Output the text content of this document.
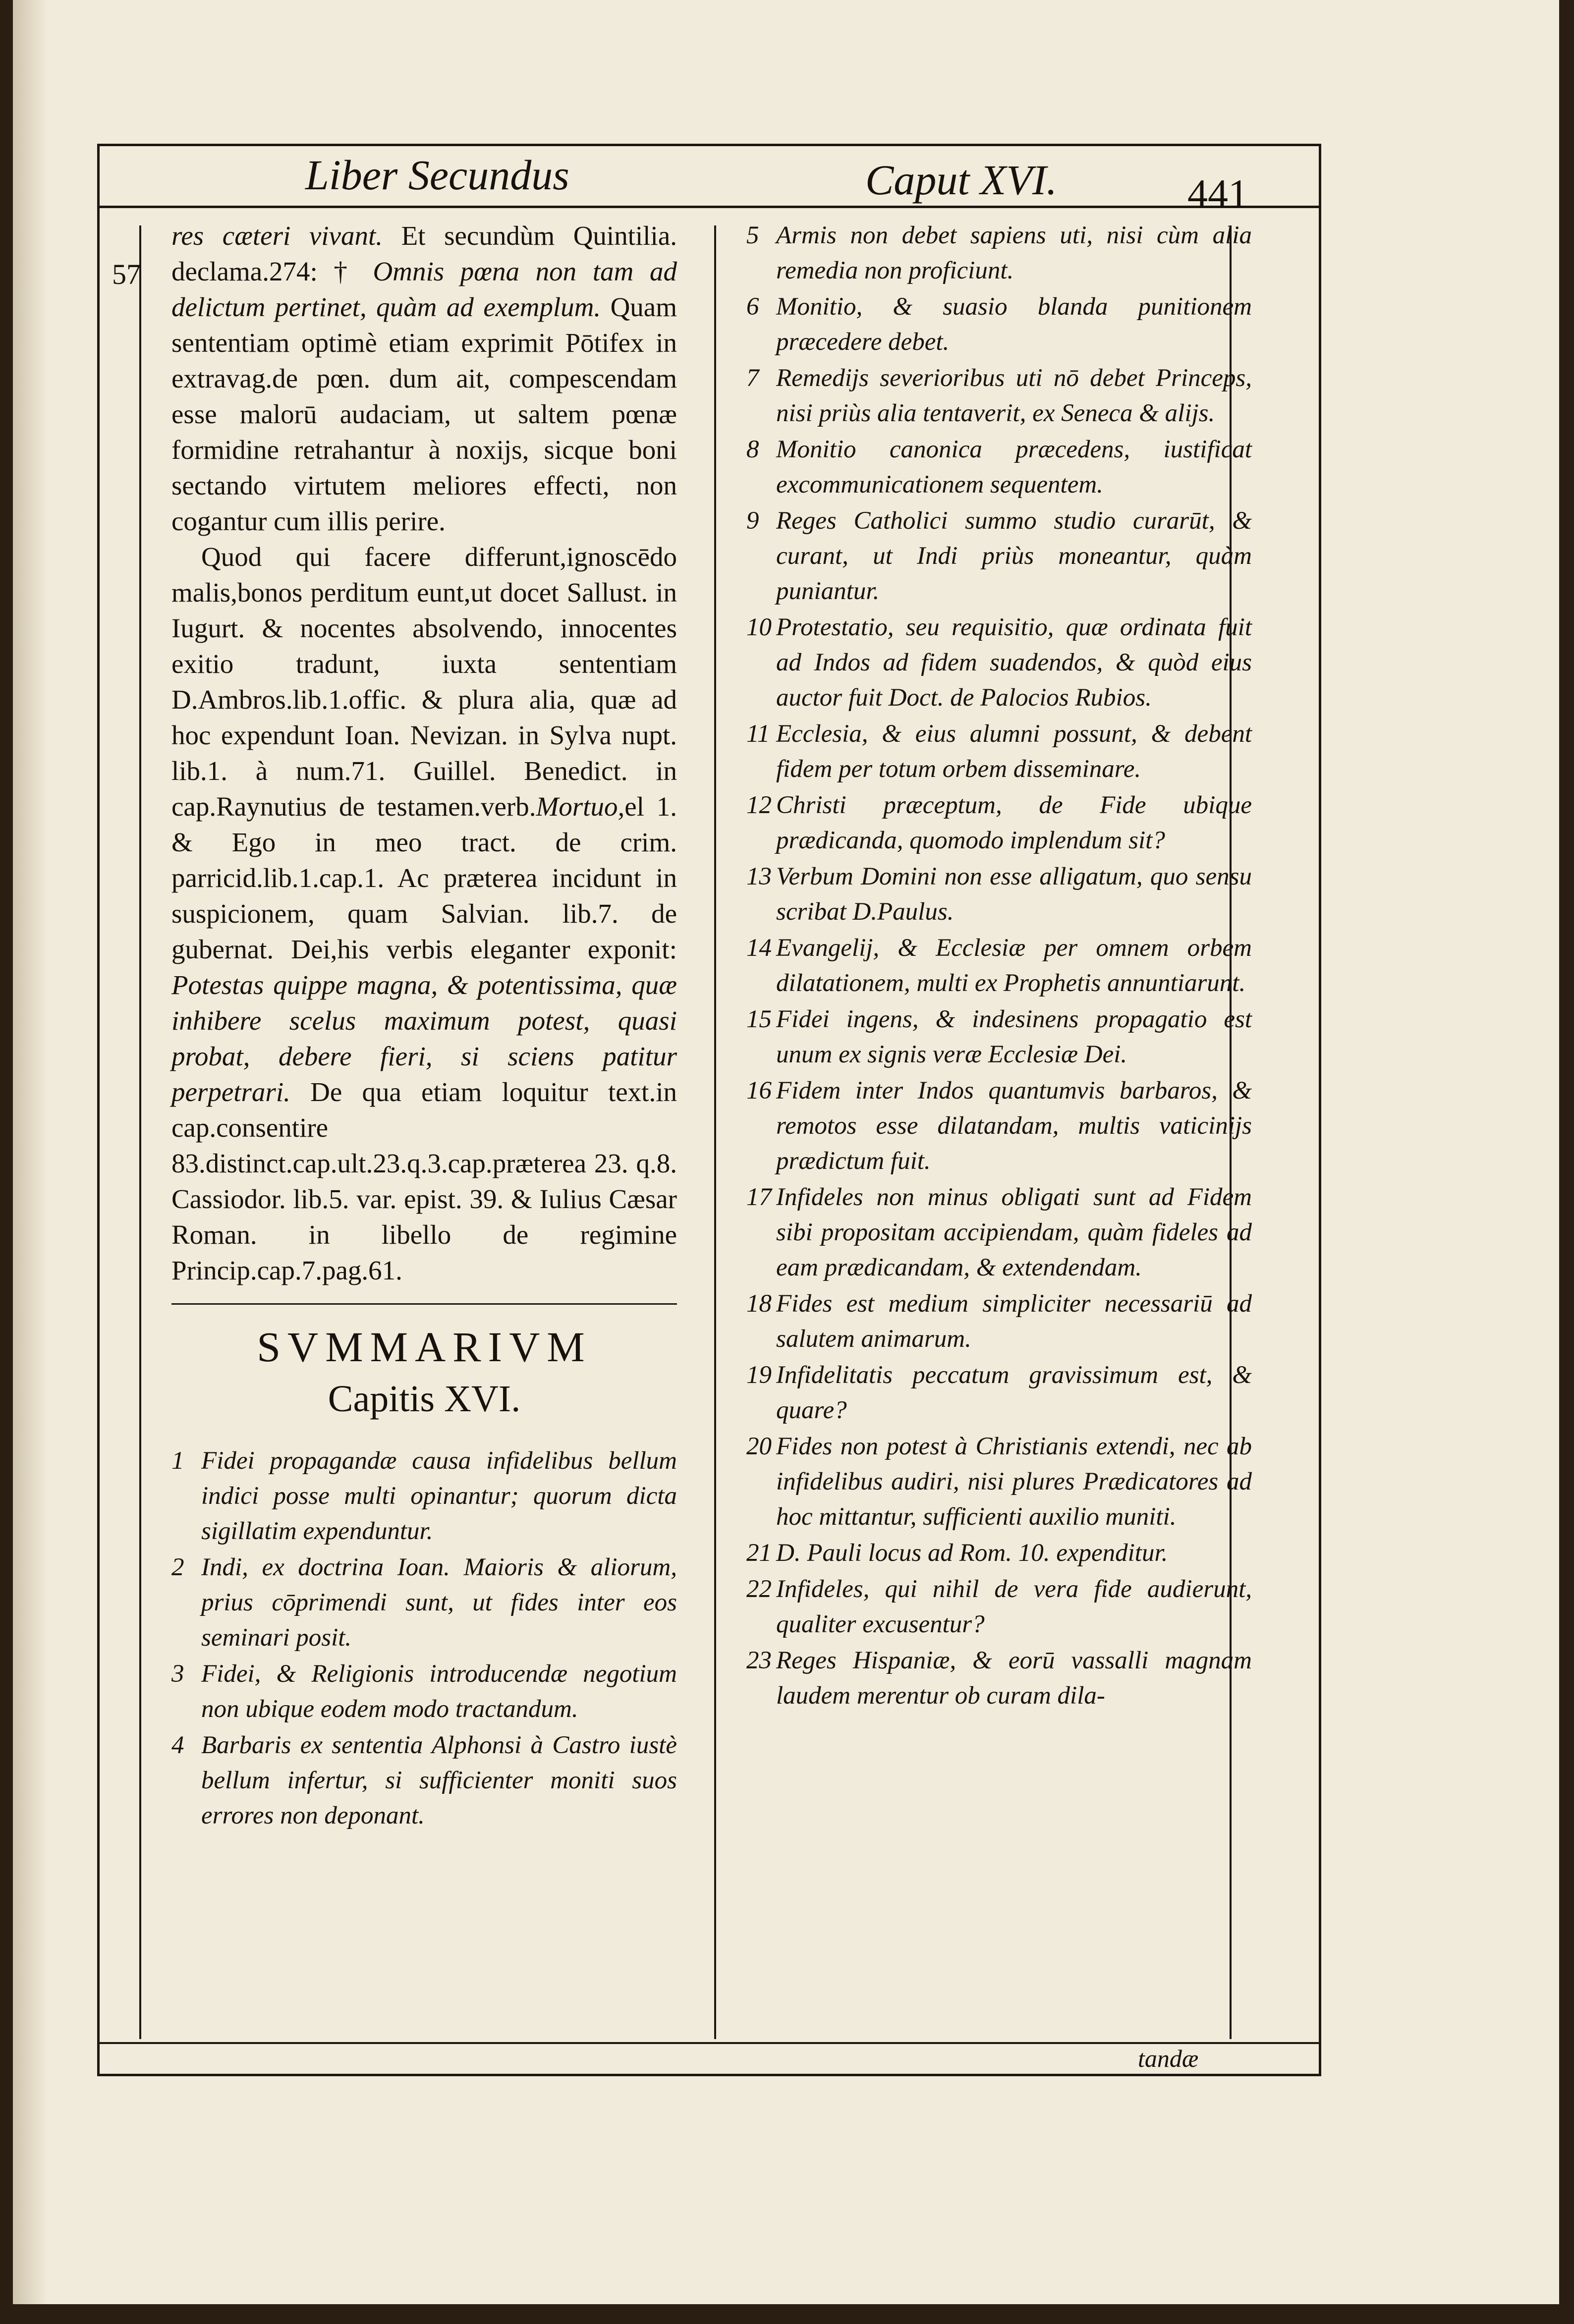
Liber Secundus	Caput XVI.	441
57

res cæteri vivant. Et secundùm Quintilia. declama.274: † Omnis pœna non tam ad delictum pertinet, quàm ad exemplum. Quam sententiam optimè etiam exprimit Pōtifex in extravag.de pœn. dum ait, compescendam esse malorū audaciam, ut saltem pœnæ formidine retrahantur à noxijs, sicque boni sectando virtutem meliores effecti, non cogantur cum illis perire.

Quod qui facere differunt,ignoscēdo malis,bonos perditum eunt,ut docet Sallust. in Iugurt. & nocentes absolvendo, innocentes exitio tradunt, iuxta sententiam D.Ambros.lib.1.offic. & plura alia, quæ ad hoc expendunt Ioan. Nevizan. in Sylva nupt. lib.1. à num.71. Guillel. Benedict. in cap.Raynutius de testamen.verb.Mortuo,el 1. & Ego in meo tract. de crim. parricid.lib.1.cap.1. Ac præterea incidunt in suspicionem, quam Salvian. lib.7. de gubernat. Dei,his verbis eleganter exponit: Potestas quippe magna, & potentissima, quæ inhibere scelus maximum potest, quasi probat, debere fieri, si sciens patitur perpetrari. De qua etiam loquitur text.in cap.consentire 83.distinct.cap.ult.23.q.3.cap.præterea 23. q.8. Cassiodor. lib.5. var. epist. 39. & Iulius Cæsar Roman. in libello de regimine Princip.cap.7.pag.61.

SVMMARIVM
Capitis XVI.
1 Fidei propagandæ causa infidelibus bellum indici posse multi opinantur; quorum dicta sigillatim expenduntur.
2 Indi, ex doctrina Ioan. Maioris & aliorum, prius cōprimendi sunt, ut fides inter eos seminari posit.
3 Fidei, & Religionis introducendæ negotium non ubique eodem modo tractandum.
4 Barbaris ex sententia Alphonsi à Castro iustè bellum infertur, si sufficienter moniti suos errores non deponant.
5 Armis non debet sapiens uti, nisi cùm alia remedia non proficiunt.
6 Monitio, & suasio blanda punitionem præcedere debet.
7 Remedijs severioribus uti nō debet Princeps, nisi priùs alia tentaverit, ex Seneca & alijs.
8 Monitio canonica præcedens, iustificat excommunicationem sequentem.
9 Reges Catholici summo studio curarūt, & curant, ut Indi priùs moneantur, quàm puniantur.
10 Protestatio, seu requisitio, quæ ordinata fuit ad Indos ad fidem suadendos, & quòd eius auctor fuit Doct. de Palocios Rubios.
11 Ecclesia, & eius alumni possunt, & debent fidem per totum orbem disseminare.
12 Christi præceptum, de Fide ubique prædicanda, quomodo implendum sit?
13 Verbum Domini non esse alligatum, quo sensu scribat D.Paulus.
14 Evangelij, & Ecclesiæ per omnem orbem dilatationem, multi ex Prophetis annuntiarunt.
15 Fidei ingens, & indesinens propagatio est unum ex signis veræ Ecclesiæ Dei.
16 Fidem inter Indos quantumvis barbaros, & remotos esse dilatandam, multis vaticinijs prædictum fuit.
17 Infideles non minus obligati sunt ad Fidem sibi propositam accipiendam, quàm fideles ad eam prædicandam, & extendendam.
18 Fides est medium simpliciter necessariū ad salutem animarum.
19 Infidelitatis peccatum gravissimum est, & quare?
20 Fides non potest à Christianis extendi, nec ab infidelibus audiri, nisi plures Prædicatores ad hoc mittantur, sufficienti auxilio muniti.
21 D. Pauli locus ad Rom. 10. expenditur.
22 Infideles, qui nihil de vera fide audierunt, qualiter excusentur?
23 Reges Hispaniæ, & eorū vassalli magnam laudem merentur ob curam dila-
tandæ
